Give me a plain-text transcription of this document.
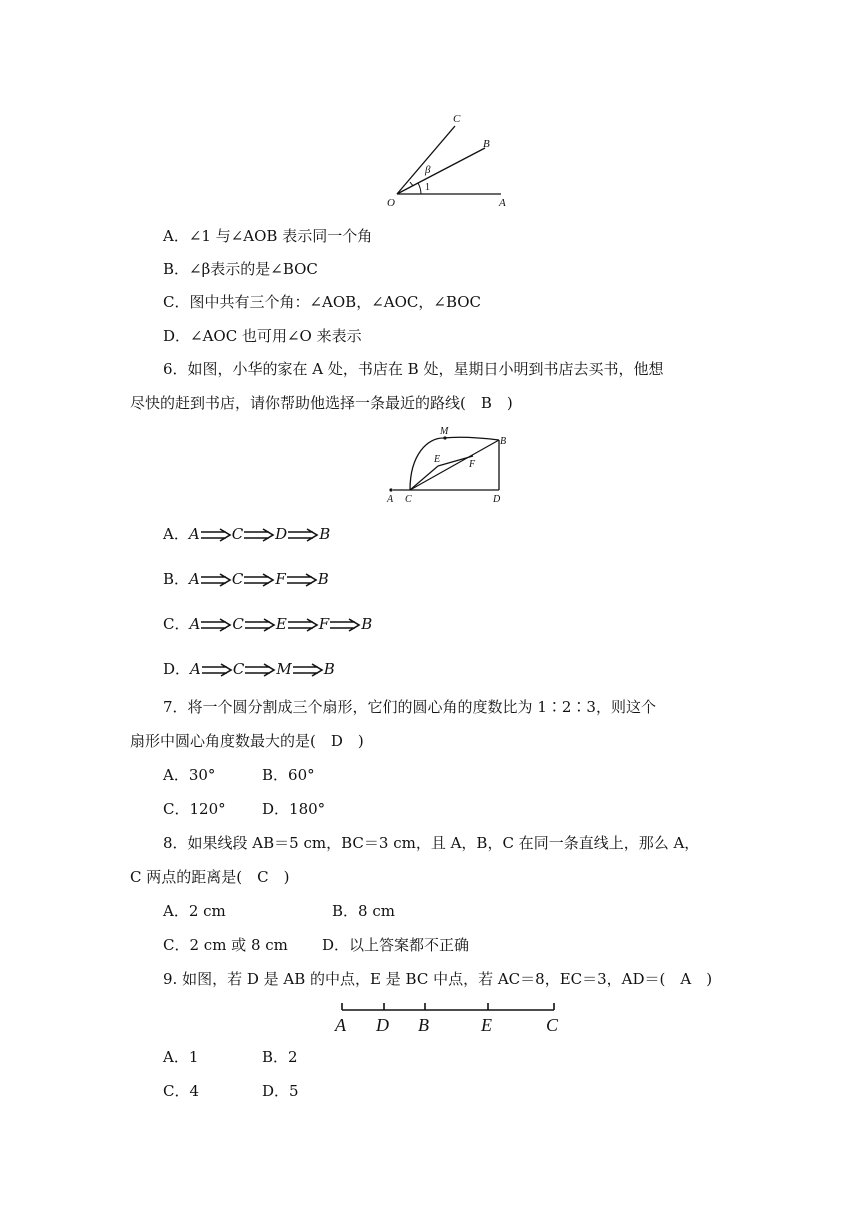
C
B
β
1
O	A
A．∠1 与∠AOB 表示同一个角
B．∠β表示的是∠BOC
C．图中共有三个角：∠AOB，∠AOC，∠BOC
D．∠AOC 也可用∠O 来表示
6．如图，小华的家在 A 处，书店在 B 处，星期日小明到书店去买书，他想
尽快的赶到书店，请你帮助他选择一条最近的路线(　B　)
M
B
E	F
A C	D
A．A C D B
B．A C F B
C．A C E F B
D．A C M B
7．将一个圆分割成三个扇形，它们的圆心角的度数比为 1∶2∶3，则这个
扇形中圆心角度数最大的是(　D　)
A．30°	B．60°
C．120° D．180°
8．如果线段 AB＝5 cm，BC＝3 cm，且 A，B，C 在同一条直线上，那么 A，
C 两点的距离是(　C　)
A．2 cm	B．8 cm
C．2 cm 或 8 cm D．以上答案都不正确
9. 如图，若 D 是 AB 的中点，E 是 BC 中点，若 AC＝8，EC＝3，AD＝(　A　)
A D B	E	C
A．1	B．2
C．4	D．5
